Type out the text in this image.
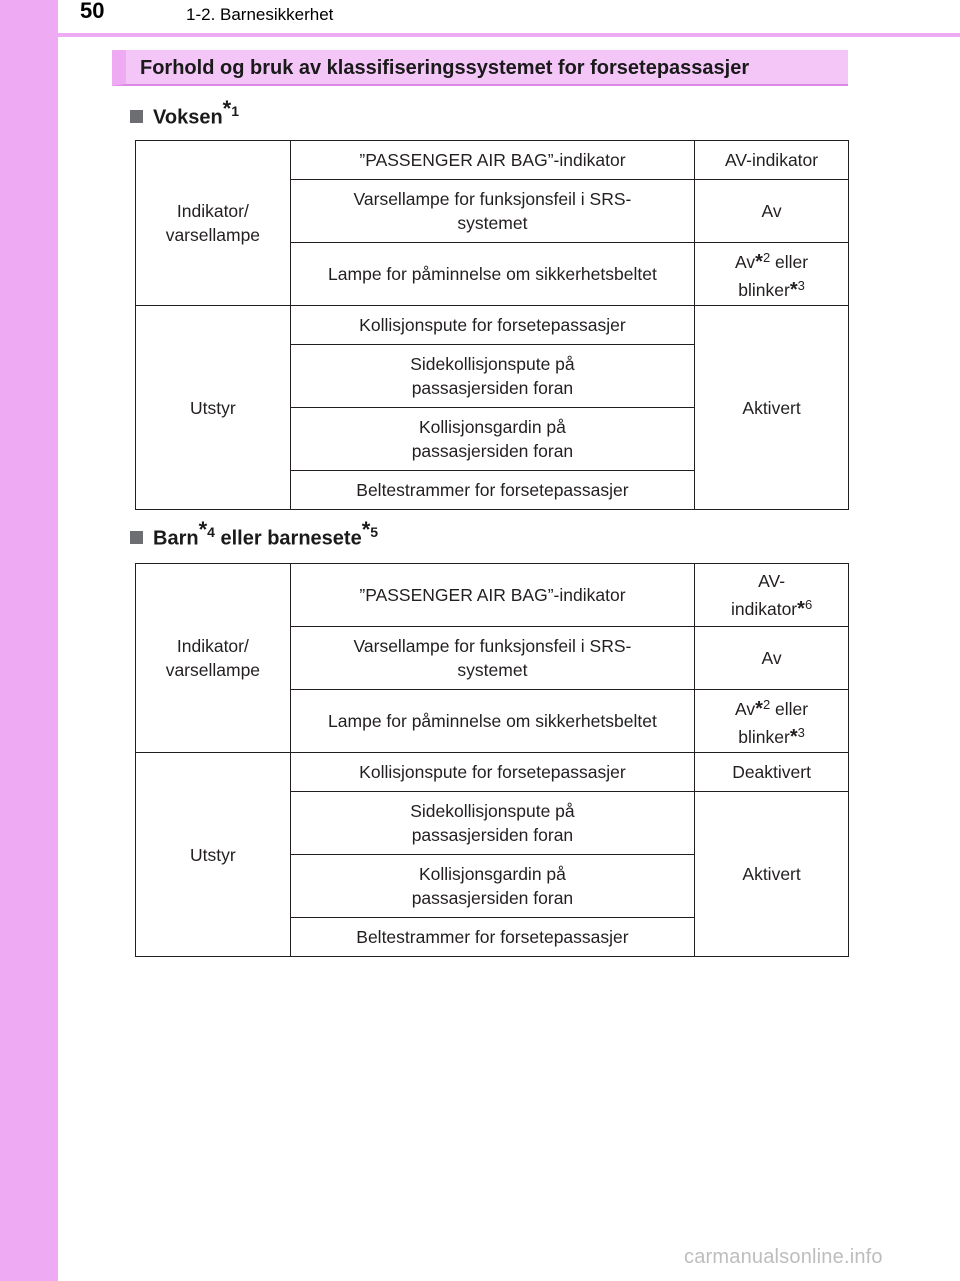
50	1-2. Barnesikkerhet
Forhold og bruk av klassifiseringssystemet for forsetepassasjer
Voksen$^{*1}$
Indikator/ varsellampe	”PASSENGER AIR BAG”-indikator	AV-indikator

	Varsellampe for funksjonsfeil i SRS-systemet	Av
	Lampe for påminnelse om sikkerhetsbeltet	Av*$^2$ eller blinker*$^3$

Utstyr	Kollisjonspute for forsetepassasjer	Aktivert

	Sidekollisjonspute på passasjersiden foran	

	Kollisjonsgardin på passasjersiden foran	

	Beltestrammer for forsetepassasjer	
Barn$^{*4}$ eller barnesete$^{*5}$
Indikator/ varsellampe	”PASSENGER AIR BAG”-indikator	AV- indikator*$^6$

	Varsellampe for funksjonsfeil i SRS-systemet	Av
	Lampe for påminnelse om sikkerhetsbeltet	Av*$^2$ eller blinker*$^3$

Utstyr	Kollisjonspute for forsetepassasjer	Deaktivert

	Sidekollisjonspute på passasjersiden foran	Aktivert

	Kollisjonsgardin på passasjersiden foran	

	Beltestrammer for forsetepassasjer	
carmanualsonline.info
